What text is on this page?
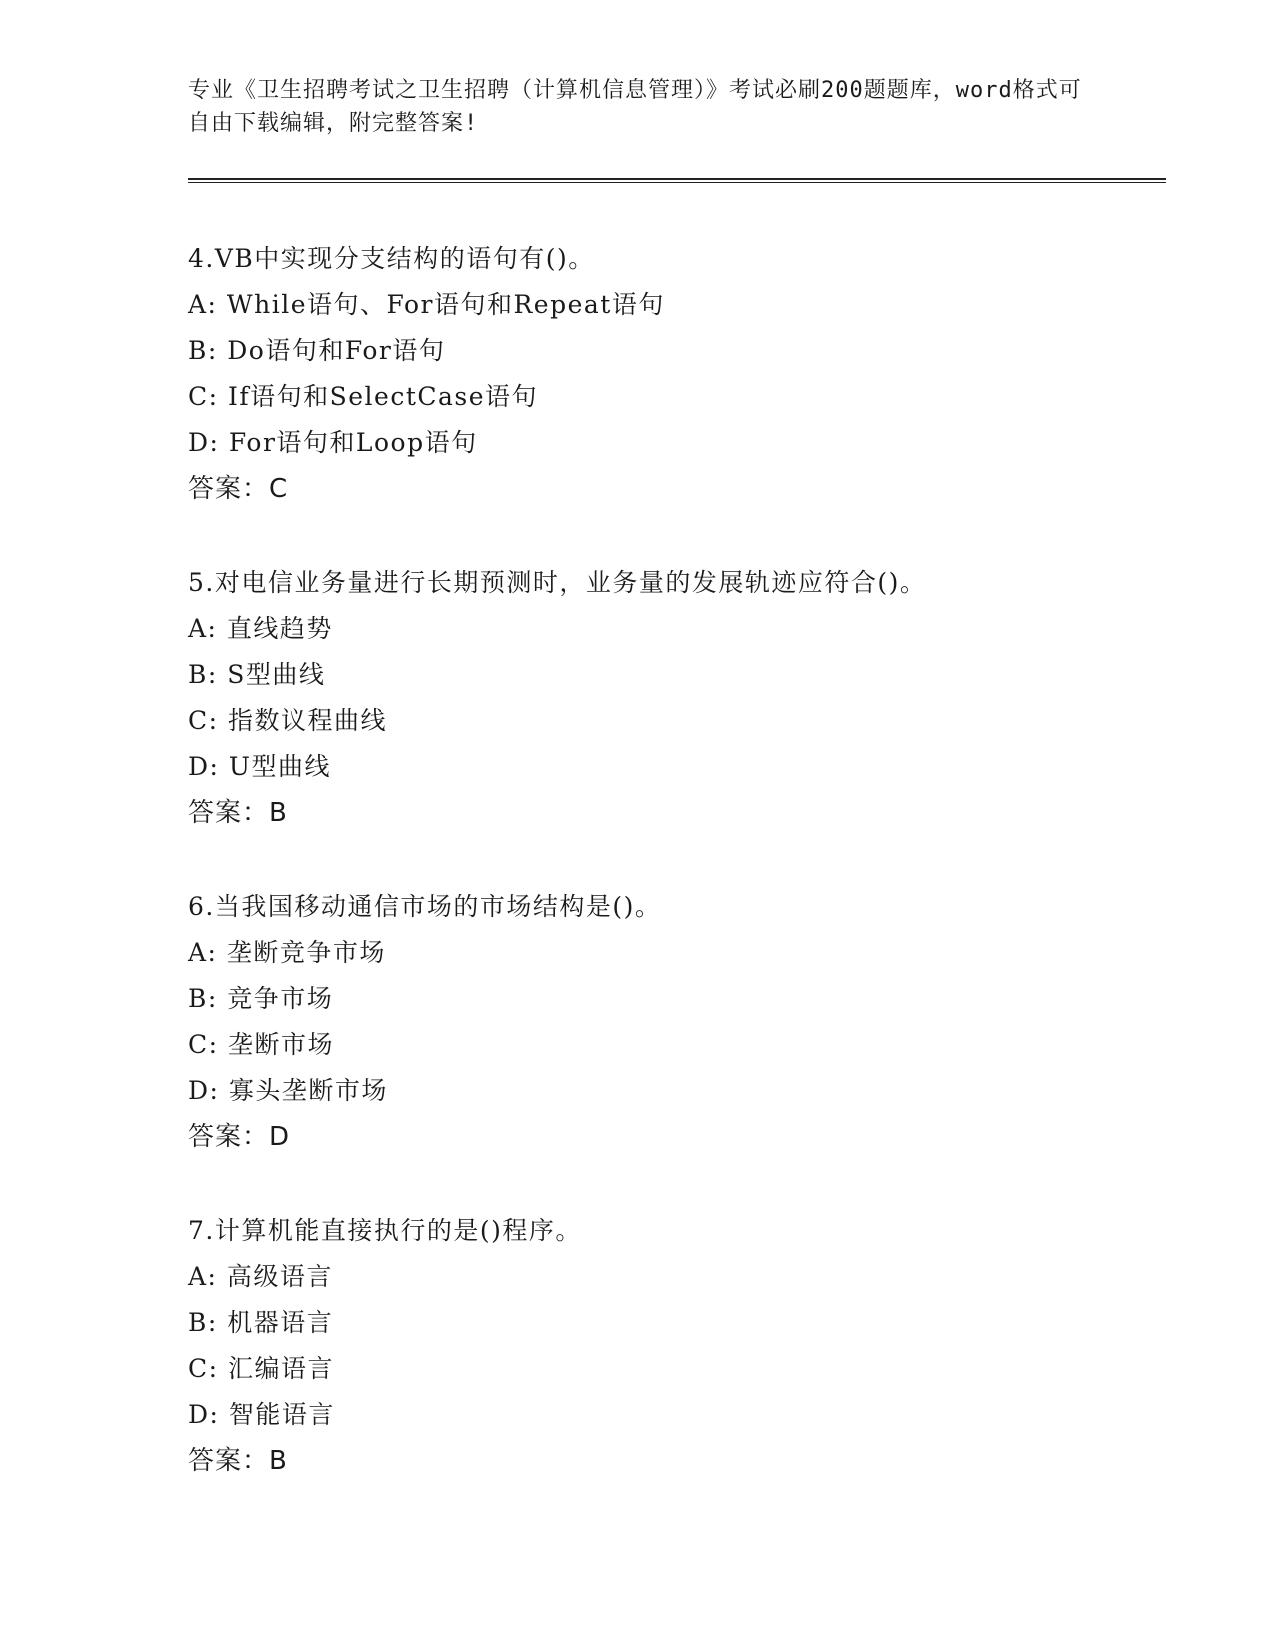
专业《卫生招聘考试之卫生招聘（计算机信息管理）》考试必刷200题题库，word格式可自由下载编辑，附完整答案!
4.VB中实现分支结构的语句有()。
A: While语句、For语句和Repeat语句
B: Do语句和For语句
C: If语句和SelectCase语句
D: For语句和Loop语句
答案：C
5.对电信业务量进行长期预测时，业务量的发展轨迹应符合()。
A: 直线趋势
B: S型曲线
C: 指数议程曲线
D: U型曲线
答案：B
6.当我国移动通信市场的市场结构是()。
A: 垄断竞争市场
B: 竞争市场
C: 垄断市场
D: 寡头垄断市场
答案：D
7.计算机能直接执行的是()程序。
A: 高级语言
B: 机器语言
C: 汇编语言
D: 智能语言
答案：B
